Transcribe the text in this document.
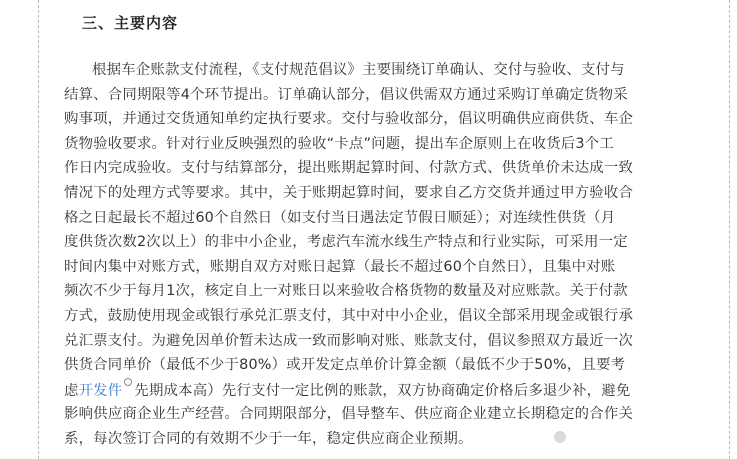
三、主要内容
根据车企账款支付流程，《支付规范倡议》主要围绕订单确认、交付与验收、支付与
结算、合同期限等4个环节提出。订单确认部分，倡议供需双方通过采购订单确定货物采
购事项，并通过交货通知单约定执行要求。交付与验收部分，倡议明确供应商供货、车企
货物验收要求。针对行业反映强烈的验收“卡点”问题，提出车企原则上在收货后3个工
作日内完成验收。支付与结算部分，提出账期起算时间、付款方式、供货单价未达成一致
情况下的处理方式等要求。其中，关于账期起算时间，要求自乙方交货并通过甲方验收合
格之日起最长不超过60个自然日（如支付当日遇法定节假日顺延）；对连续性供货（月
度供货次数2次以上）的非中小企业，考虑汽车流水线生产特点和行业实际，可采用一定
时间内集中对账方式，账期自双方对账日起算（最长不超过60个自然日），且集中对账
频次不少于每月1次，核定自上一对账日以来验收合格货物的数量及对应账款。关于付款
方式，鼓励使用现金或银行承兑汇票支付，其中对中小企业，倡议全部采用现金或银行承
兑汇票支付。为避免因单价暂未达成一致而影响对账、账款支付，倡议参照双方最近一次
供货合同单价（最低不少于80%）或开发定点单价计算金额（最低不少于50%，且要考
虑开发件 先期成本高）先行支付一定比例的账款，双方协商确定价格后多退少补，避免
影响供应商企业生产经营。合同期限部分，倡导整车、供应商企业建立长期稳定的合作关
系，每次签订合同的有效期不少于一年，稳定供应商企业预期。
